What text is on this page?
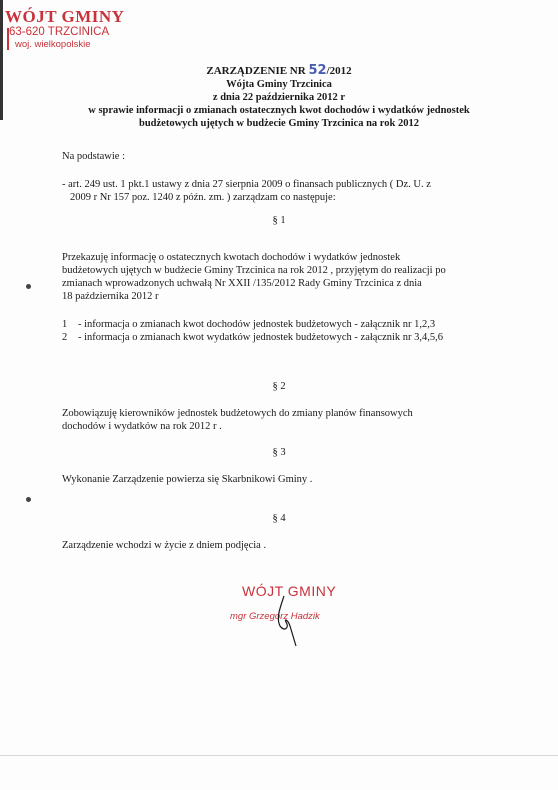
WÓJT GMINY
63-620 TRZCINICA
woj. wielkopolskie
ZARZĄDZENIE NR 52/2012
Wójta Gminy Trzcinica
z dnia 22 października 2012 r
w sprawie informacji o zmianach ostatecznych kwot dochodów i wydatków jednostek
budżetowych ujętych w budżecie Gminy Trzcinica na rok 2012
Na podstawie :
- art. 249 ust. 1 pkt.1 ustawy z dnia 27 sierpnia 2009 o finansach publicznych ( Dz. U. z
2009 r Nr 157 poz. 1240 z późn. zm. ) zarządzam co następuje:
§ 1
Przekazuję informację o ostatecznych kwotach dochodów i wydatków jednostek
budżetowych ujętych w budżecie Gminy Trzcinica na rok 2012 , przyjętym do realizacji po
zmianach wprowadzonych uchwałą Nr XXII /135/2012 Rady Gminy Trzcinica z dnia
18 października 2012 r
1 - informacja o zmianach kwot dochodów jednostek budżetowych - załącznik nr 1,2,3
2 - informacja o zmianach kwot wydatków jednostek budżetowych - załącznik nr 3,4,5,6
§ 2
Zobowiązuję kierowników jednostek budżetowych do zmiany planów finansowych
dochodów i wydatków na rok 2012 r .
§ 3
Wykonanie Zarządzenie powierza się Skarbnikowi Gminy .
§ 4
Zarządzenie wchodzi w życie z dniem podjęcia .
WÓJT GMINY
mgr Grzegorz Hadzik
